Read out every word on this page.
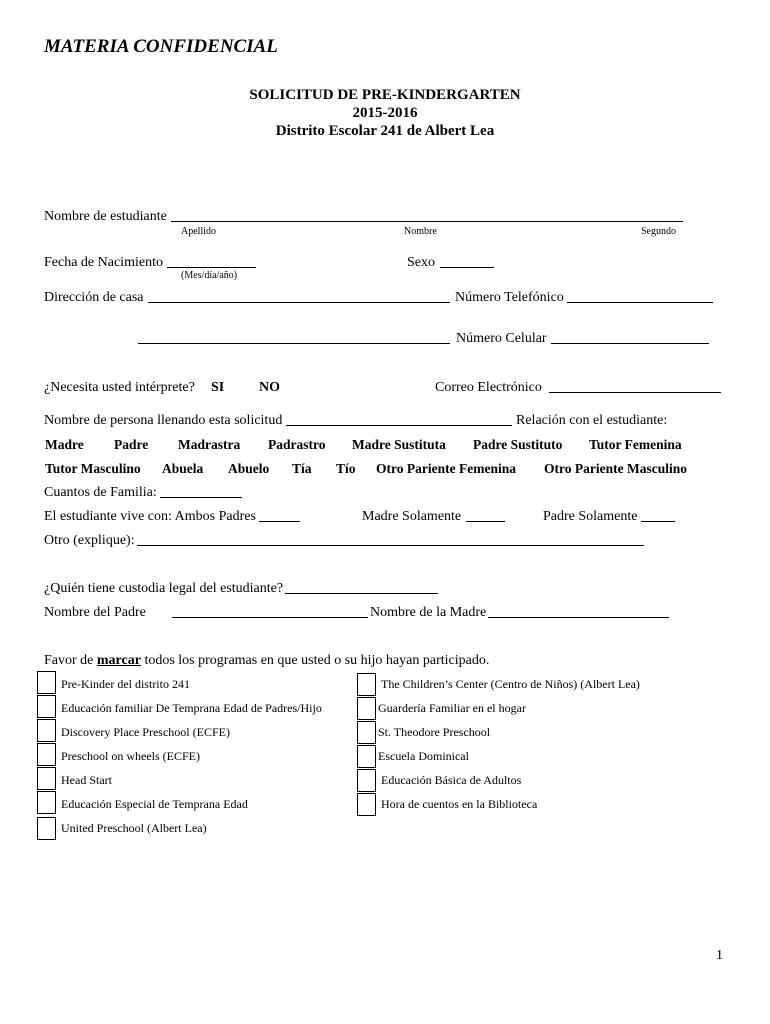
MATERIA CONFIDENCIAL
SOLICITUD DE PRE-KINDERGARTEN
2015-2016
Distrito Escolar 241 de Albert Lea
Nombre de estudiante
Apellido	Nombre	Segundo
Fecha de Nacimiento
(Mes/día/año)
Sexo
Dirección de casa	Número Telefónico
Número Celular
¿Necesita usted intérprete? SI NO	Correo Electrónico
Nombre de persona llenando esta solicitud	Relación con el estudiante:
Madre Padre Madrastra Padrastro Madre Sustituta Padre Sustituto Tutor Femenina
Tutor Masculino Abuela Abuelo Tía Tío Otro Pariente Femenina Otro Pariente Masculino
Cuantos de Familia:
El estudiante vive con: Ambos Padres	Madre Solamente	Padre Solamente
Otro (explique):
¿Quién tiene custodia legal del estudiante?
Nombre del Padre	Nombre de la Madre
Favor de marcar todos los programas en que usted o su hijo hayan participado.
Pre-Kinder del distrito 241
Educación familiar De Temprana Edad de Padres/Hijo
Discovery Place Preschool (ECFE)
Preschool on wheels (ECFE)
Head Start
Educación Especial de Temprana Edad
United Preschool (Albert Lea)
The Children’s Center (Centro de Niños) (Albert Lea)
Guardería Familiar en el hogar
St. Theodore Preschool
Escuela Dominical
Educación Básica de Adultos
Hora de cuentos en la Biblioteca
1
